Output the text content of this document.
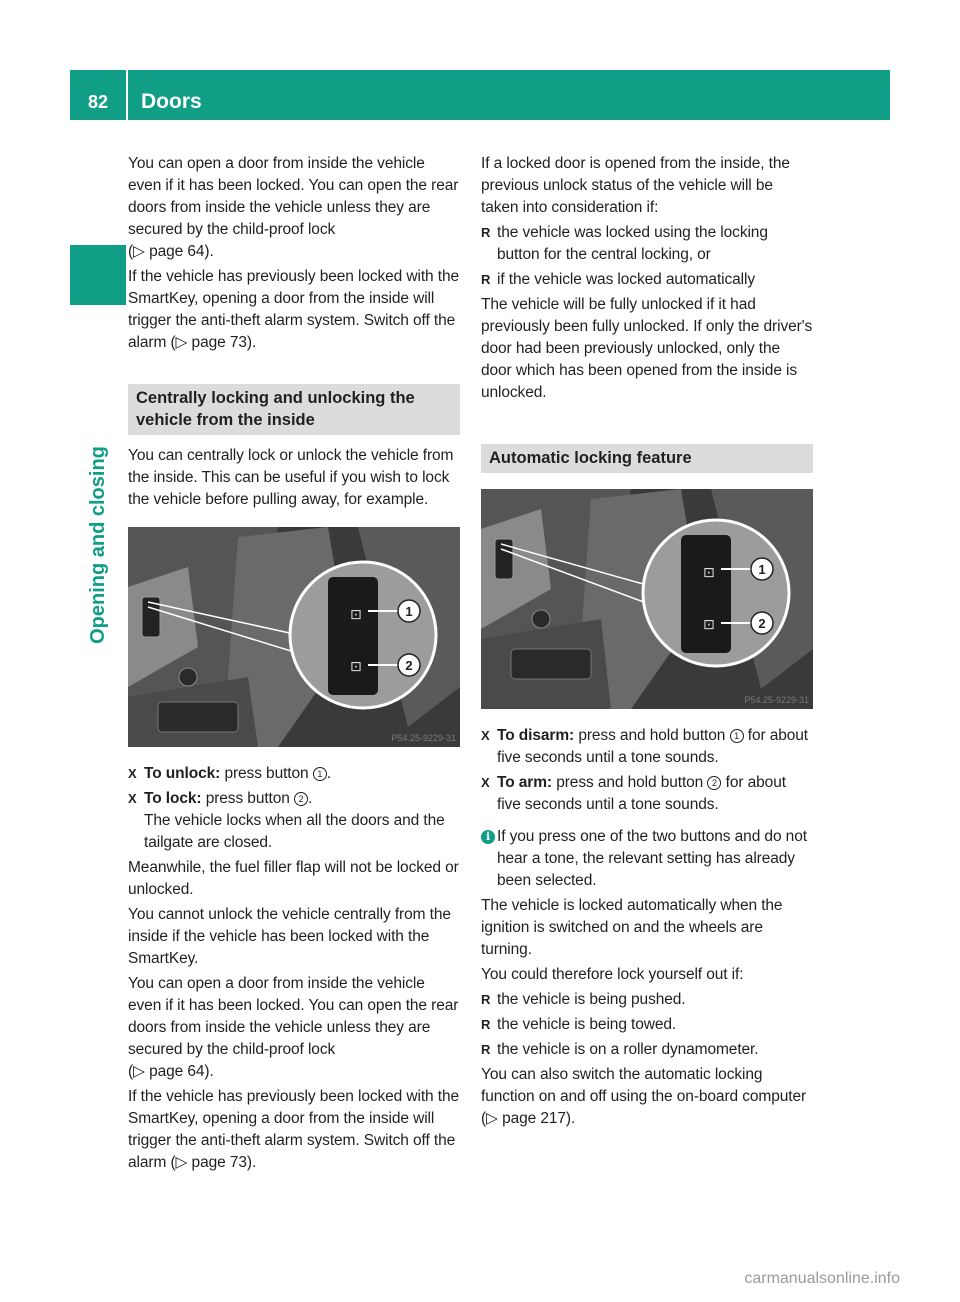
82	Doors
Opening and closing

You can open a door from inside the vehicle even if it has been locked. You can open the rear doors from inside the vehicle unless they are secured by the child-proof lock
(▷ page 64).

If the vehicle has previously been locked with the SmartKey, opening a door from the inside will trigger the anti-theft alarm system. Switch off the alarm (▷ page 73).

Centrally locking and unlocking the vehicle from the inside

You can centrally lock or unlock the vehicle from the inside. This can be useful if you wish to lock the vehicle before pulling away, for example.

⊡
⊡
1
2
P54.25-9229-31
X To unlock: press button 1 .
X To lock: press button 2 .
The vehicle locks when all the doors and the tailgate are closed.

Meanwhile, the fuel filler flap will not be locked or unlocked.

You cannot unlock the vehicle centrally from the inside if the vehicle has been locked with the SmartKey.

You can open a door from inside the vehicle even if it has been locked. You can open the rear doors from inside the vehicle unless they are secured by the child-proof lock
(▷ page 64).

If the vehicle has previously been locked with the SmartKey, opening a door from the inside will trigger the anti-theft alarm system. Switch off the alarm (▷ page 73).

If a locked door is opened from the inside, the previous unlock status of the vehicle will be taken into consideration if:

R the vehicle was locked using the locking button for the central locking, or
R if the vehicle was locked automatically

The vehicle will be fully unlocked if it had previously been fully unlocked. If only the driver's door had been previously unlocked, only the door which has been opened from the inside is unlocked.

Automatic locking feature
⊡
⊡
1
2
P54.25-9229-31
X To disarm: press and hold button 1 for about five seconds until a tone sounds.
X To arm: press and hold button 2 for about five seconds until a tone sounds.
i If you press one of the two buttons and do not hear a tone, the relevant setting has already been selected.

The vehicle is locked automatically when the ignition is switched on and the wheels are turning.

You could therefore lock yourself out if:

R the vehicle is being pushed.
R the vehicle is being towed.
R the vehicle is on a roller dynamometer.

You can also switch the automatic locking function on and off using the on-board computer (▷ page 217).

carmanualsonline.info
